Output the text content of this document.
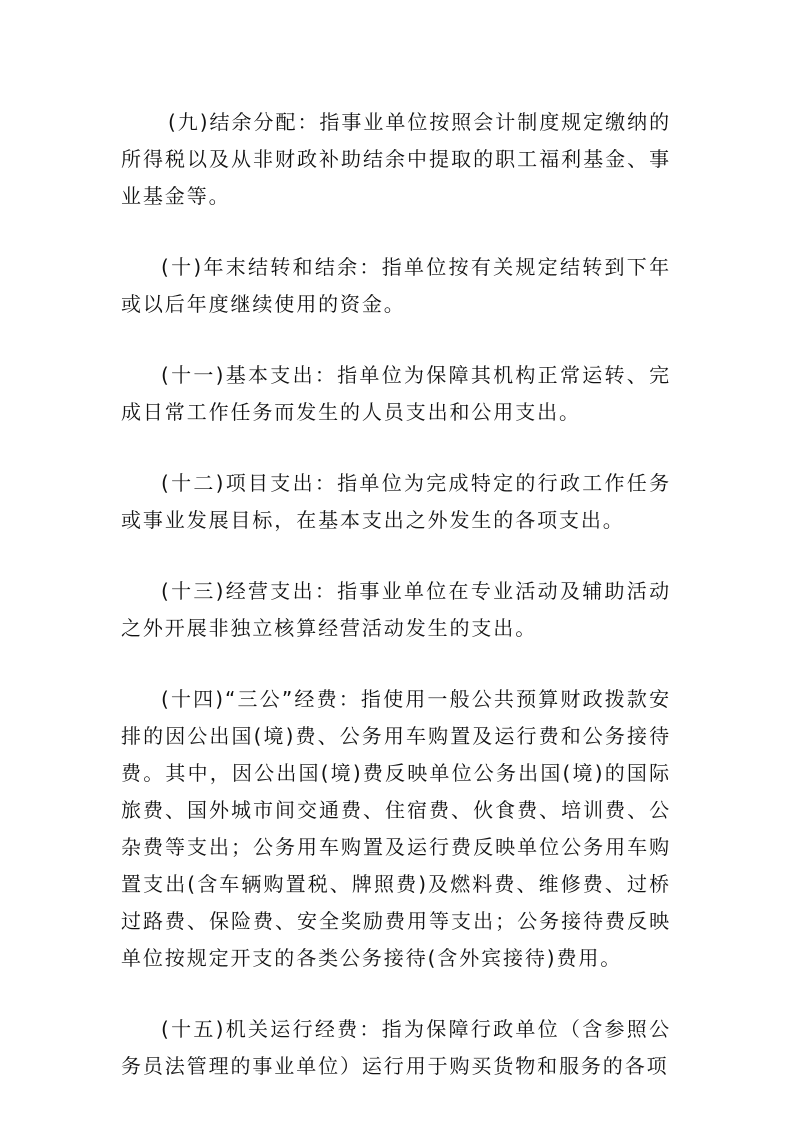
(九)结余分配：指事业单位按照会计制度规定缴纳的所得税以及从非财政补助结余中提取的职工福利基金、事业基金等。

(十)年末结转和结余：指单位按有关规定结转到下年或以后年度继续使用的资金。

(十一)基本支出：指单位为保障其机构正常运转、完成日常工作任务而发生的人员支出和公用支出。

(十二)项目支出：指单位为完成特定的行政工作任务或事业发展目标，在基本支出之外发生的各项支出。

(十三)经营支出：指事业单位在专业活动及辅助活动之外开展非独立核算经营活动发生的支出。

(十四)“三公”经费：指使用一般公共预算财政拨款安排的因公出国(境)费、公务用车购置及运行费和公务接待费。其中，因公出国(境)费反映单位公务出国(境)的国际旅费、国外城市间交通费、住宿费、伙食费、培训费、公杂费等支出；公务用车购置及运行费反映单位公务用车购置支出(含车辆购置税、牌照费)及燃料费、维修费、过桥过路费、保险费、安全奖励费用等支出；公务接待费反映单位按规定开支的各类公务接待(含外宾接待)费用。

(十五)机关运行经费：指为保障行政单位（含参照公务员法管理的事业单位）运行用于购买货物和服务的各项
